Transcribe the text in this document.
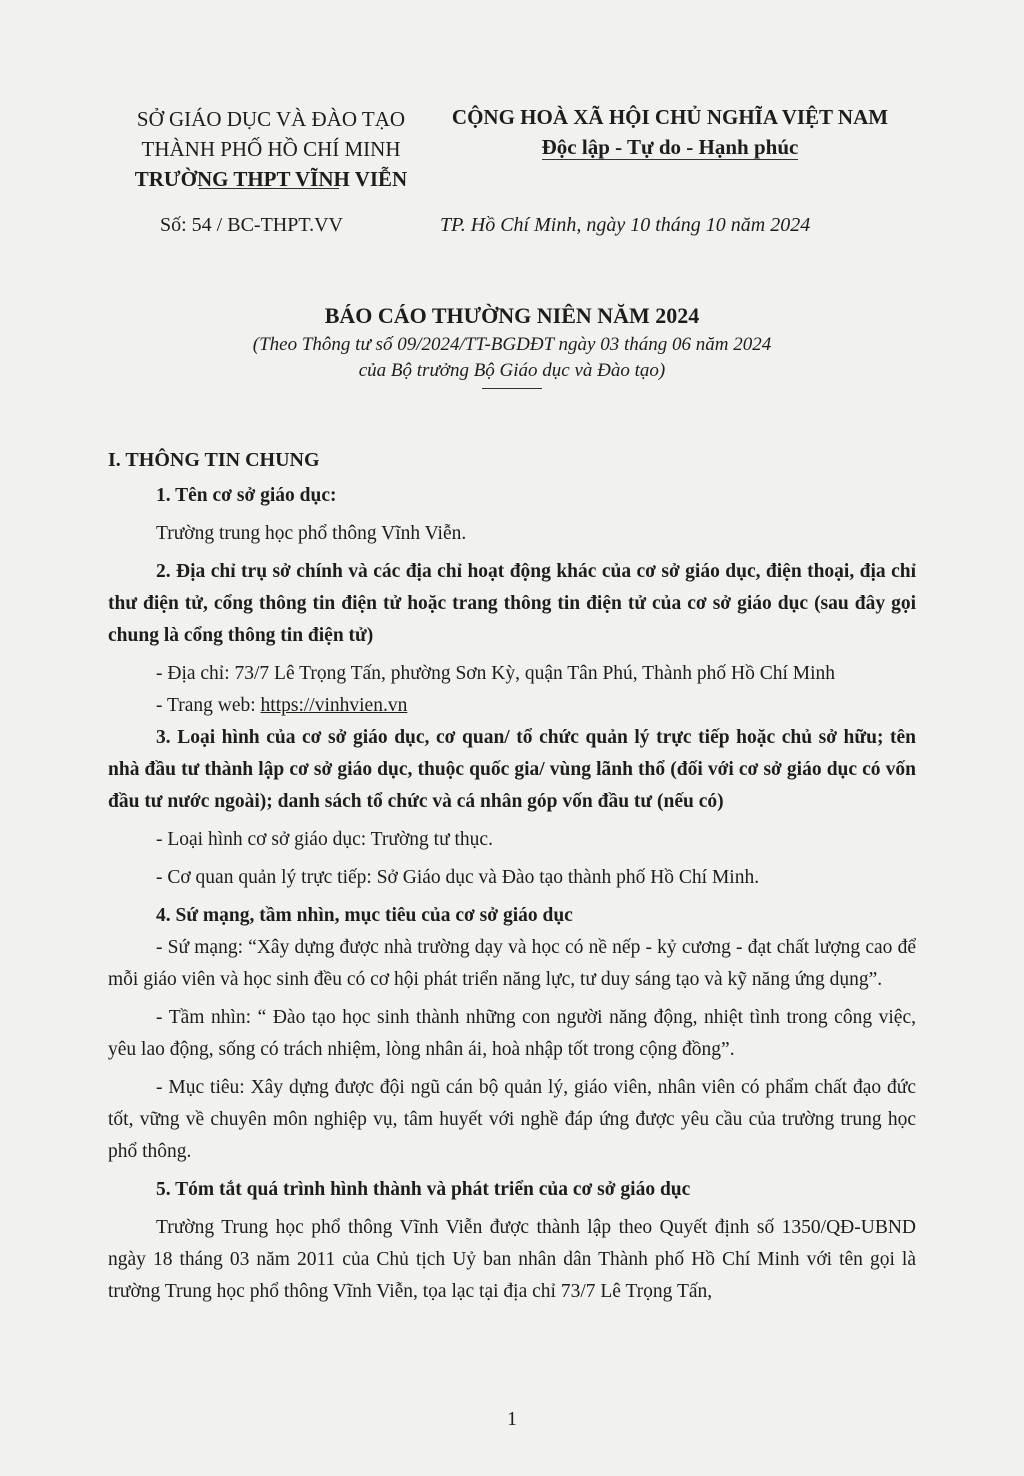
SỞ GIÁO DỤC VÀ ĐÀO TẠO
THÀNH PHỐ HỒ CHÍ MINH
TRƯỜNG THPT VĨNH VIỄN
CỘNG HOÀ XÃ HỘI CHỦ NGHĨA VIỆT NAM
Độc lập - Tự do - Hạnh phúc
Số: 54 / BC-THPT.VV	TP. Hồ Chí Minh, ngày 10 tháng 10 năm 2024
BÁO CÁO THƯỜNG NIÊN NĂM 2024
(Theo Thông tư số 09/2024/TT-BGDĐT ngày 03 tháng 06 năm 2024
của Bộ trưởng Bộ Giáo dục và Đào tạo)

I. THÔNG TIN CHUNG

1. Tên cơ sở giáo dục:

Trường trung học phổ thông Vĩnh Viễn.

2. Địa chỉ trụ sở chính và các địa chỉ hoạt động khác của cơ sở giáo dục, điện thoại, địa chỉ thư điện tử, cổng thông tin điện tử hoặc trang thông tin điện tử của cơ sở giáo dục (sau đây gọi chung là cổng thông tin điện tử)

- Địa chỉ: 73/7 Lê Trọng Tấn, phường Sơn Kỳ, quận Tân Phú, Thành phố Hồ Chí Minh

- Trang web: https://vinhvien.vn

3. Loại hình của cơ sở giáo dục, cơ quan/ tổ chức quản lý trực tiếp hoặc chủ sở hữu; tên nhà đầu tư thành lập cơ sở giáo dục, thuộc quốc gia/ vùng lãnh thổ (đối với cơ sở giáo dục có vốn đầu tư nước ngoài); danh sách tổ chức và cá nhân góp vốn đầu tư (nếu có)

- Loại hình cơ sở giáo dục: Trường tư thục.

- Cơ quan quản lý trực tiếp: Sở Giáo dục và Đào tạo thành phố Hồ Chí Minh.

4. Sứ mạng, tầm nhìn, mục tiêu của cơ sở giáo dục

- Sứ mạng: “Xây dựng được nhà trường dạy và học có nề nếp - kỷ cương - đạt chất lượng cao để mỗi giáo viên và học sinh đều có cơ hội phát triển năng lực, tư duy sáng tạo và kỹ năng ứng dụng”.

- Tầm nhìn: “ Đào tạo học sinh thành những con người năng động, nhiệt tình trong công việc, yêu lao động, sống có trách nhiệm, lòng nhân ái, hoà nhập tốt trong cộng đồng”.

- Mục tiêu: Xây dựng được đội ngũ cán bộ quản lý, giáo viên, nhân viên có phẩm chất đạo đức tốt, vững về chuyên môn nghiệp vụ, tâm huyết với nghề đáp ứng được yêu cầu của trường trung học phổ thông.

5. Tóm tắt quá trình hình thành và phát triển của cơ sở giáo dục

Trường Trung học phổ thông Vĩnh Viễn được thành lập theo Quyết định số 1350/QĐ-UBND ngày 18 tháng 03 năm 2011 của Chủ tịch Uỷ ban nhân dân Thành phố Hồ Chí Minh với tên gọi là trường Trung học phổ thông Vĩnh Viễn, tọa lạc tại địa chỉ 73/7 Lê Trọng Tấn,

1
